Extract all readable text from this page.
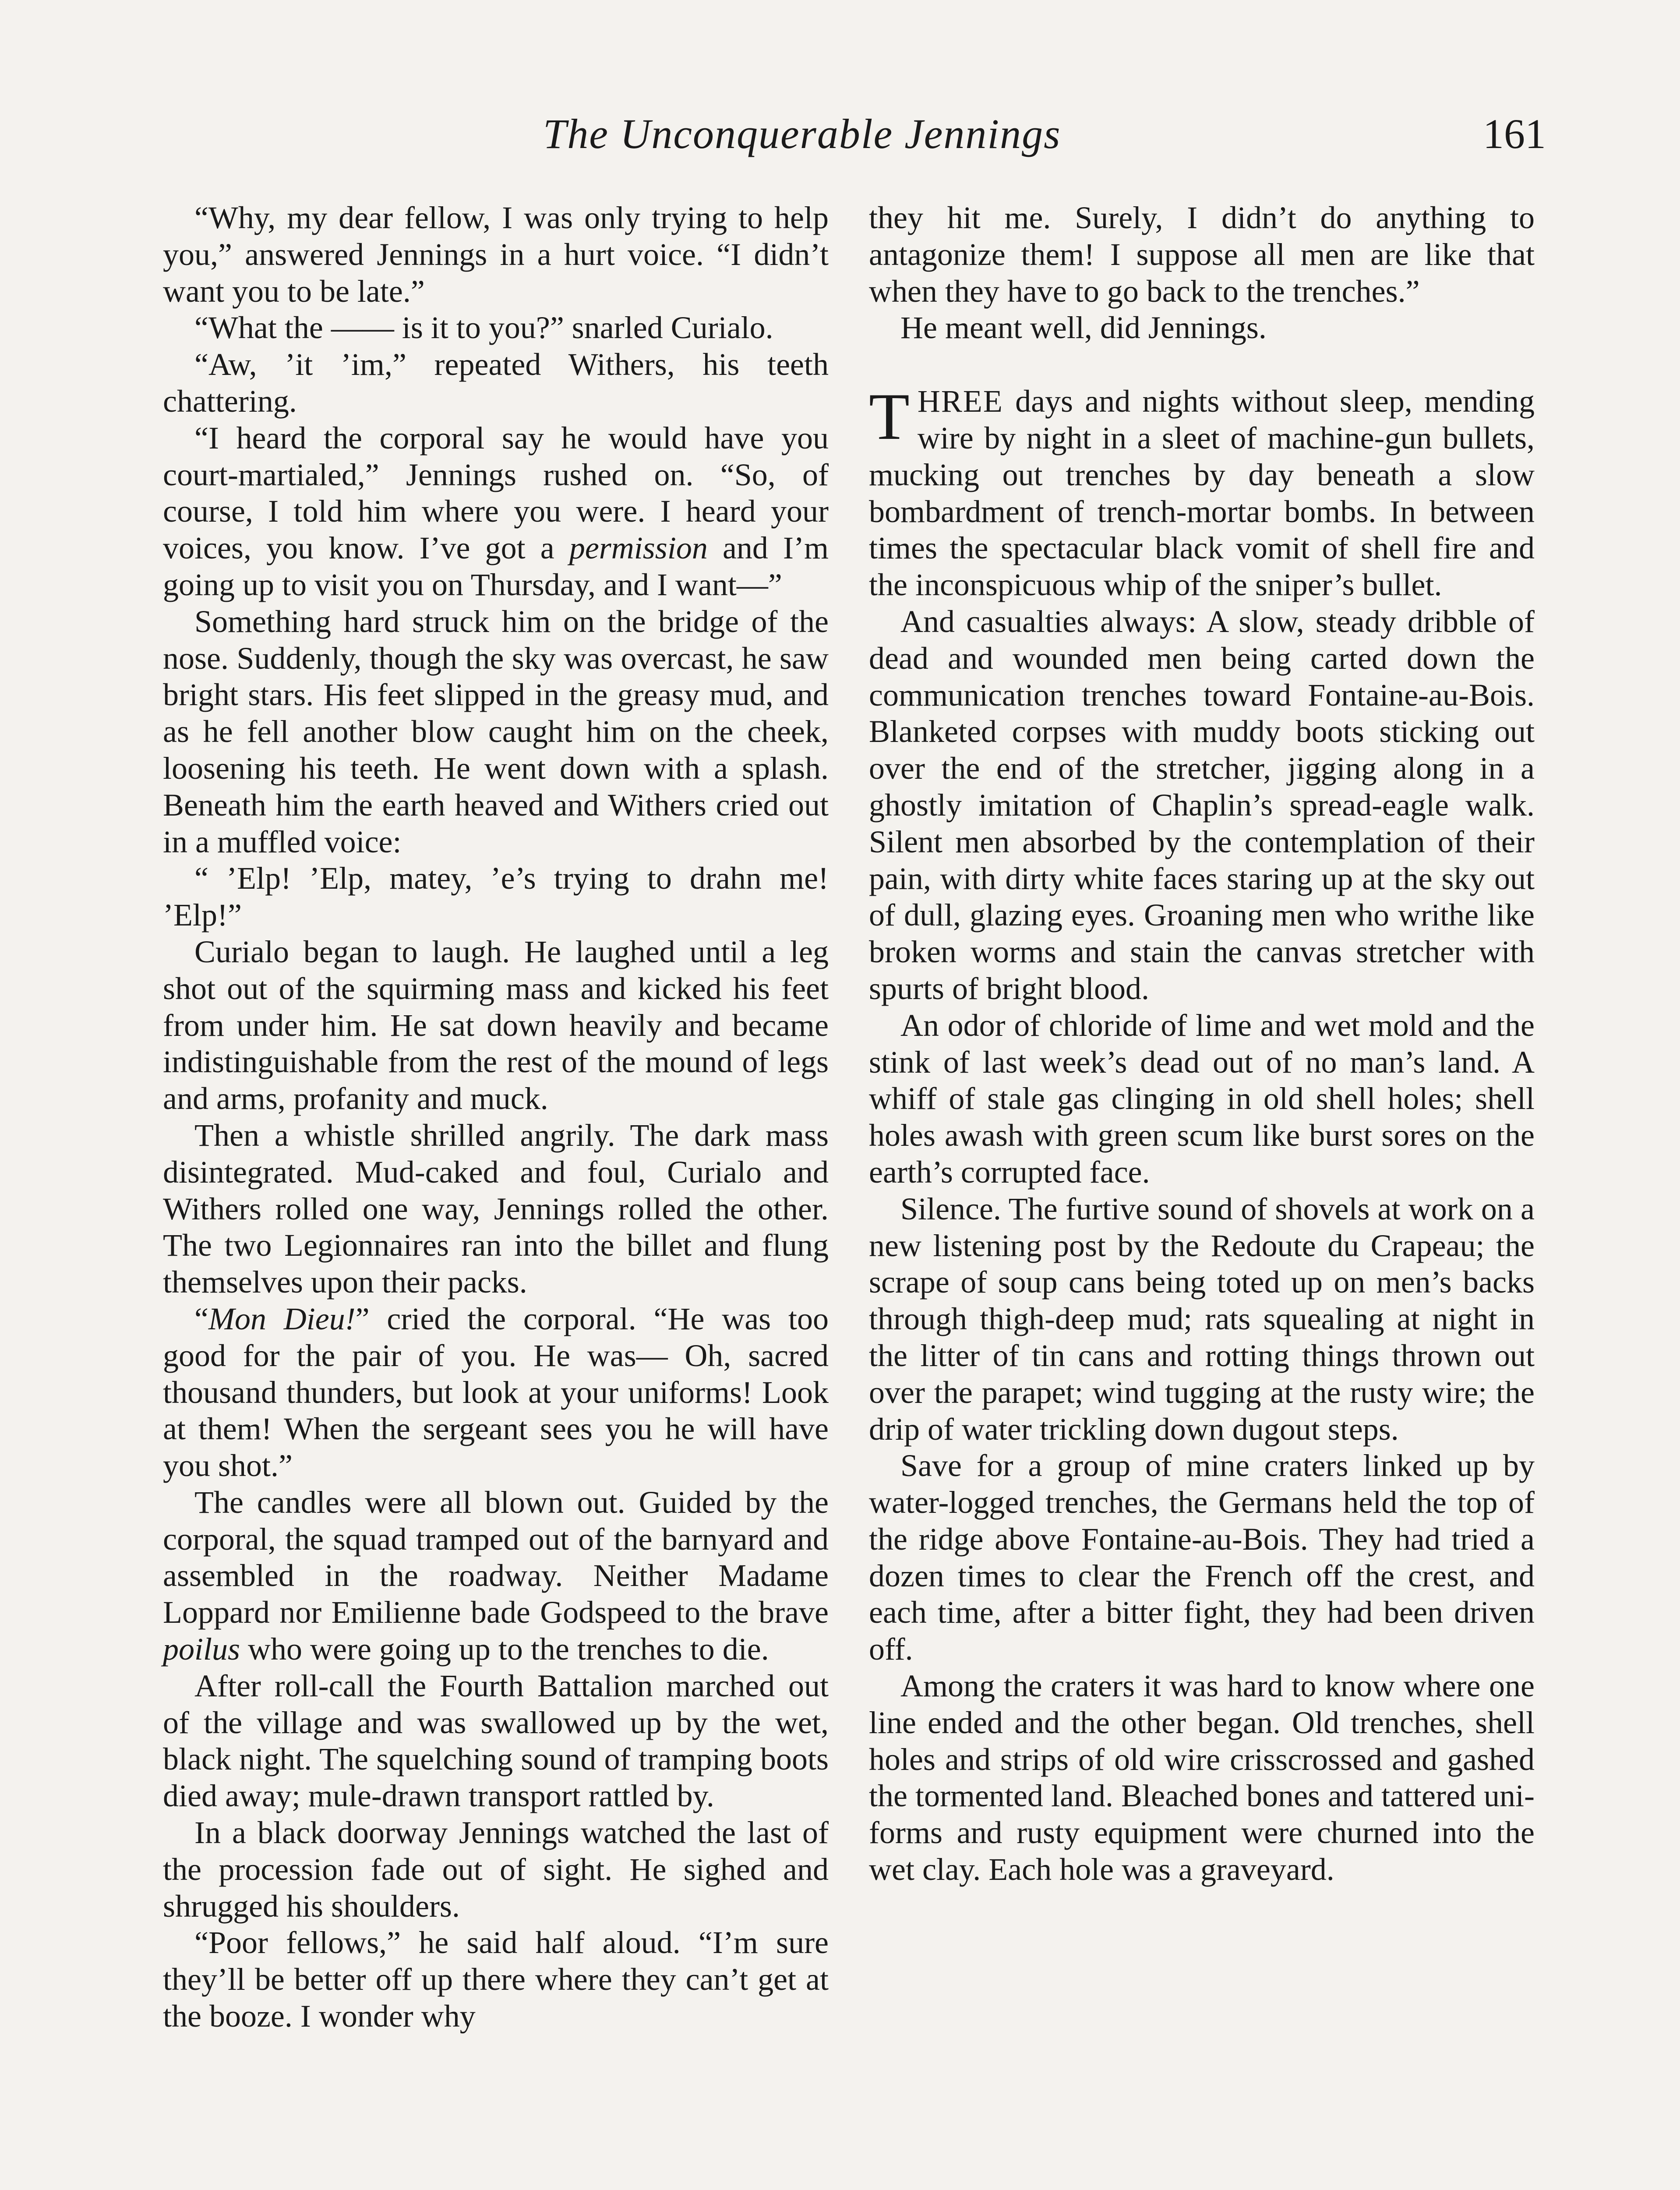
The Unconquerable Jennings	161

“Why, my dear fellow, I was only trying to help you,” answered Jennings in a hurt voice. “I didn’t want you to be late.”

“What the —— is it to you?” snarled Curialo.

“Aw, ’it ’im,” repeated Withers, his teeth chattering.

“I heard the corporal say he would have you court-martialed,” Jennings rushed on. “So, of course, I told him where you were. I heard your voices, you know. I’ve got a permission and I’m going up to visit you on Thursday, and I want—”

Something hard struck him on the bridge of the nose. Suddenly, though the sky was overcast, he saw bright stars. His feet slipped in the greasy mud, and as he fell another blow caught him on the cheek, loosening his teeth. He went down with a splash. Beneath him the earth heaved and Withers cried out in a muffled voice:

“ ’Elp! ’Elp, matey, ’e’s trying to drahn me! ’Elp!”

Curialo began to laugh. He laughed until a leg shot out of the squirming mass and kicked his feet from under him. He sat down heavily and became indistinguishable from the rest of the mound of legs and arms, profanity and muck.

Then a whistle shrilled angrily. The dark mass disintegrated. Mud-caked and foul, Curialo and Withers rolled one way, Jennings rolled the other. The two Legionnaires ran into the billet and flung themselves upon their packs.

“Mon Dieu!” cried the corporal. “He was too good for the pair of you. He was— Oh, sacred thousand thunders, but look at your uniforms! Look at them! When the sergeant sees you he will have you shot.”

The candles were all blown out. Guided by the corporal, the squad tramped out of the barnyard and assembled in the roadway. Neither Madame Loppard nor Emilienne bade Godspeed to the brave poilus who were going up to the trenches to die.

After roll-call the Fourth Battalion marched out of the village and was swallowed up by the wet, black night. The squelching sound of tramping boots died away; mule-drawn transport rattled by.

In a black doorway Jennings watched the last of the procession fade out of sight. He sighed and shrugged his shoulders.

“Poor fellows,” he said half aloud. “I’m sure they’ll be better off up there where they can’t get at the booze. I wonder why

they hit me. Surely, I didn’t do anything to antagonize them! I suppose all men are like that when they have to go back to the trenches.”

He meant well, did Jennings.

THREE days and nights without sleep, mending wire by night in a sleet of machine-gun bullets, mucking out trenches by day beneath a slow bombardment of trench-mortar bombs. In between times the spectacular black vomit of shell fire and the inconspicuous whip of the sniper’s bullet.

And casualties always: A slow, steady dribble of dead and wounded men being carted down the communication trenches toward Fontaine-au-Bois. Blanketed corpses with muddy boots sticking out over the end of the stretcher, jigging along in a ghostly imitation of Chaplin’s spread-eagle walk. Silent men absorbed by the contemplation of their pain, with dirty white faces staring up at the sky out of dull, glazing eyes. Groaning men who writhe like broken worms and stain the canvas stretcher with spurts of bright blood.

An odor of chloride of lime and wet mold and the stink of last week’s dead out of no man’s land. A whiff of stale gas clinging in old shell holes; shell holes awash with green scum like burst sores on the earth’s corrupted face.

Silence. The furtive sound of shovels at work on a new listening post by the Redoute du Crapeau; the scrape of soup cans being toted up on men’s backs through thigh-deep mud; rats squealing at night in the litter of tin cans and rotting things thrown out over the parapet; wind tugging at the rusty wire; the drip of water trickling down dugout steps.

Save for a group of mine craters linked up by water-logged trenches, the Germans held the top of the ridge above Fontaine-au-Bois. They had tried a dozen times to clear the French off the crest, and each time, after a bitter fight, they had been driven off.

Among the craters it was hard to know where one line ended and the other began. Old trenches, shell holes and strips of old wire crisscrossed and gashed the tormented land. Bleached bones and tattered uniforms and rusty equipment were churned into the wet clay. Each hole was a graveyard.
